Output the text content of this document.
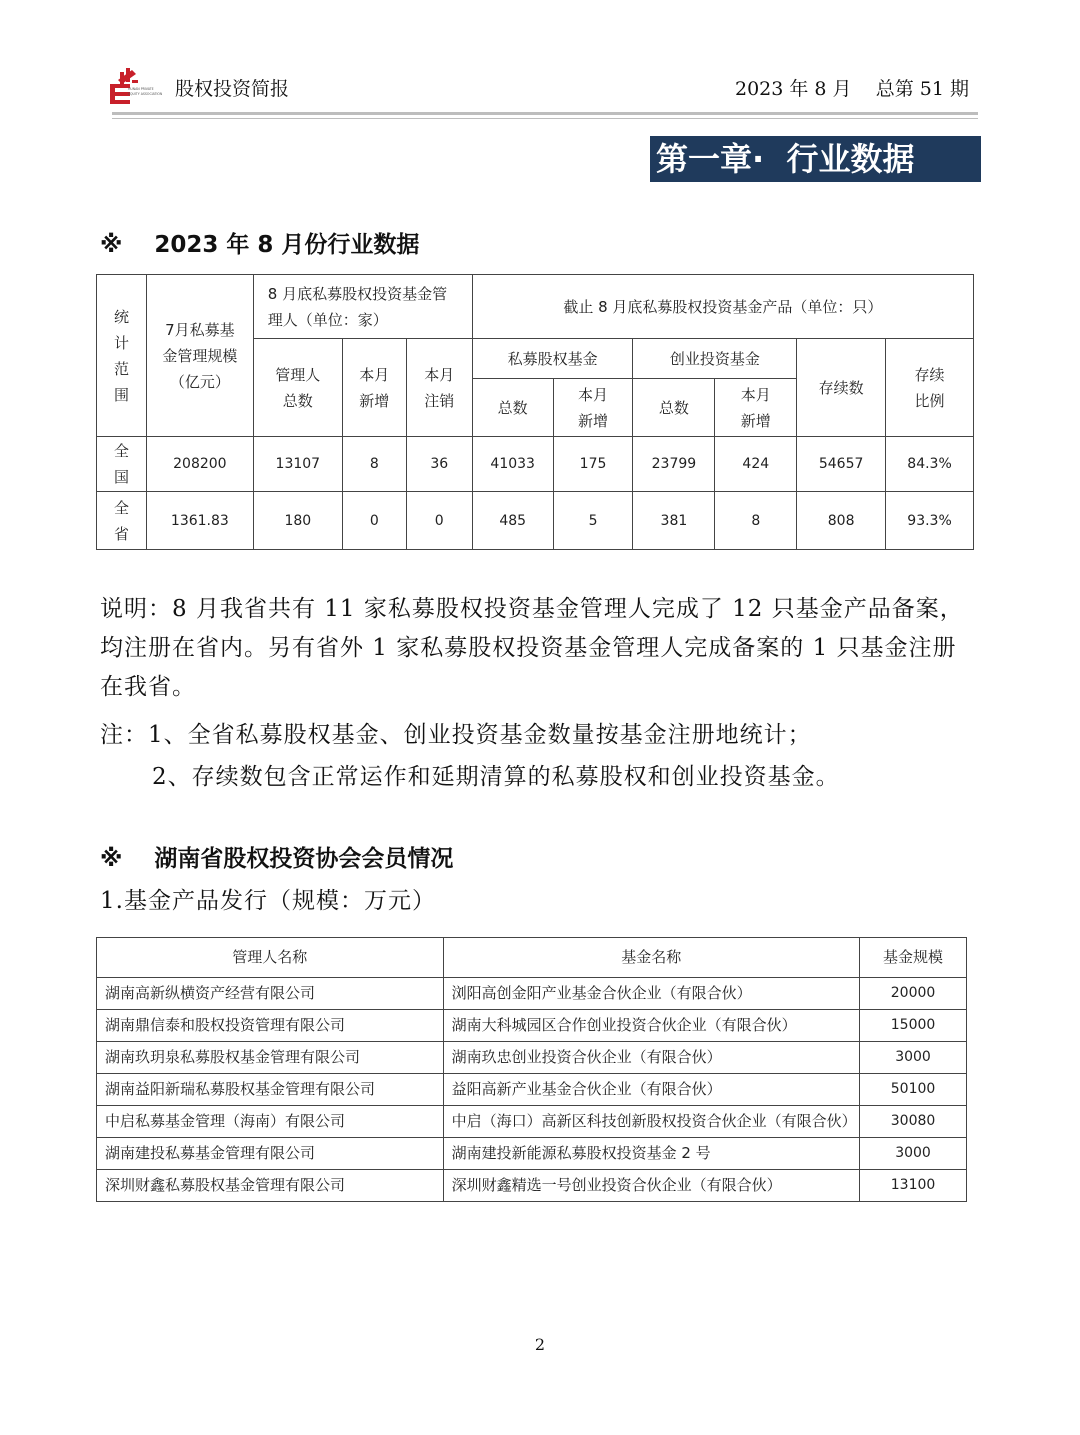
HUNAN PRIVATE
EQUITY ASSOCIATION 股权投资简报	2023 年 8 月    总第 51 期
第一章·  行业数据
※    2023 年 8 月份行业数据
统计范围	7月私募基金管理规模（亿元）	8 月底私募股权投资基金管理人（单位：家）			截止 8 月底私募股权投资基金产品（单位：只）					

		管理人总数	本月新增	本月注销	私募股权基金		创业投资基金		存续数	存续比例

					总数	本月新增	总数	本月新增		

全国	208200	13107	8	36	41033	175	23799	424	54657	84.3%

全省	1361.83	180	0	0	485	5	381	8	808	93.3%
说明：8 月我省共有 11 家私募股权投资基金管理人完成了 12 只基金产品备案，均注册在省内。另有省外 1 家私募股权投资基金管理人完成备案的 1 只基金注册在我省。
注：1、全省私募股权基金、创业投资基金数量按基金注册地统计；
2、存续数包含正常运作和延期清算的私募股权和创业投资基金。
※    湖南省股权投资协会会员情况
1.基金产品发行（规模：万元）
管理人名称	基金名称	基金规模
湖南高新纵横资产经营有限公司	浏阳高创金阳产业基金合伙企业（有限合伙）	20000
湖南鼎信泰和股权投资管理有限公司	湖南大科城园区合作创业投资合伙企业（有限合伙）	15000
湖南玖玥泉私募股权基金管理有限公司	湖南玖忠创业投资合伙企业（有限合伙）	3000
湖南益阳新瑞私募股权基金管理有限公司	益阳高新产业基金合伙企业（有限合伙）	50100
中启私募基金管理（海南）有限公司	中启（海口）高新区科技创新股权投资合伙企业（有限合伙）	30080
湖南建投私募基金管理有限公司	湖南建投新能源私募股权投资基金 2 号	3000
深圳财鑫私募股权基金管理有限公司	深圳财鑫精选一号创业投资合伙企业（有限合伙）	13100
2
